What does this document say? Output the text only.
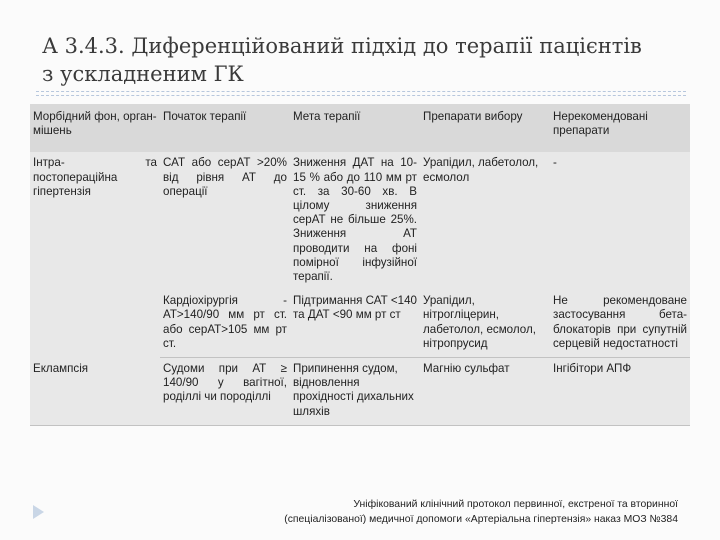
А 3.4.3. Диференційований підхід до терапії пацієнтів
з ускладненим ГК
Морбідний фон, орган-мішень	Початок терапії	Мета терапії	Препарати вибору	Нерекомендовані препарати
Інтра- та постопераційна гіпертензія	САТ або серАТ >20% від рівня АТ до операції	Зниження ДАТ на 10-15 % або до 110 мм рт ст. за 30-60 хв. В цілому зниження серАТ не більше 25%. Зниження АТ проводити на фоні помірної інфузійної терапії.	Урапідил, лабетолол, есмолол	-
	Кардіохірургія - АТ>140/90 мм рт ст. або серАТ>105 мм рт ст.	Підтримання САТ <140 та ДАТ <90 мм рт ст	Урапідил, нітрогліцерин, лабетолол, есмолол, нітропрусид	Не рекомендоване застосування бета-блокаторів при супутній серцевій недостатності
Еклампсія	Судоми при АТ ≥ 140/90 у вагітної, роділлі чи породіллі	Припинення судом, відновлення прохідності дихальних шляхів	Магнію сульфат	Інгібітори АПФ
Уніфікований клінічний протокол первинної, екстреної та вторинної
(спеціалізованої) медичної допомоги «Артеріальна гіпертензія» наказ МОЗ №384
